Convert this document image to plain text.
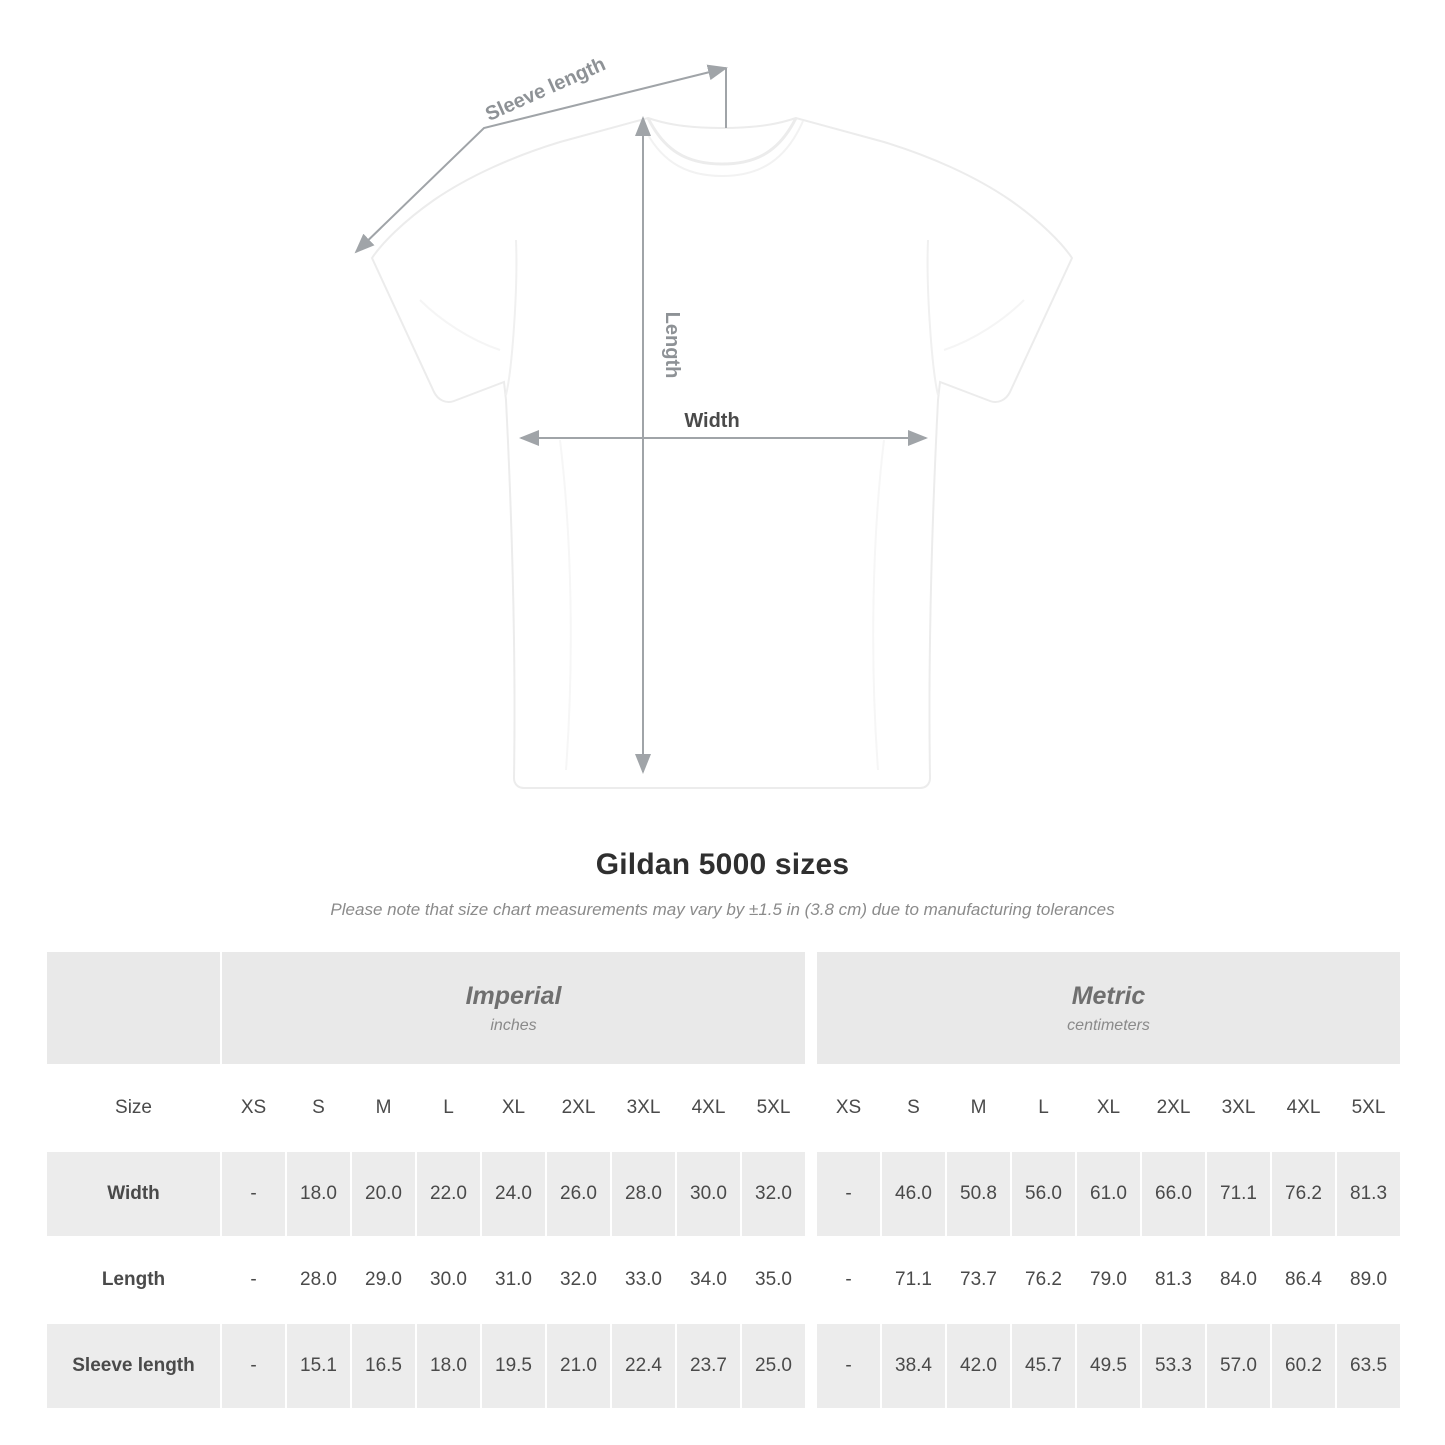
Sleeve length
Length
Width
Gildan 5000 sizes
Please note that size chart measurements may vary by ±1.5 in (3.8 cm) due to manufacturing tolerances

Imperial
inches

Metric
centimeters

Size	XS	S	M	L	XL	2XL	3XL	4XL	5XL		XS	S	M	L	XL	2XL	3XL	4XL	5XL
Width	-	18.0	20.0	22.0	24.0	26.0	28.0	30.0	32.0		-	46.0	50.8	56.0	61.0	66.0	71.1	76.2	81.3
Length	-	28.0	29.0	30.0	31.0	32.0	33.0	34.0	35.0		-	71.1	73.7	76.2	79.0	81.3	84.0	86.4	89.0
Sleeve length	-	15.1	16.5	18.0	19.5	21.0	22.4	23.7	25.0		-	38.4	42.0	45.7	49.5	53.3	57.0	60.2	63.5
